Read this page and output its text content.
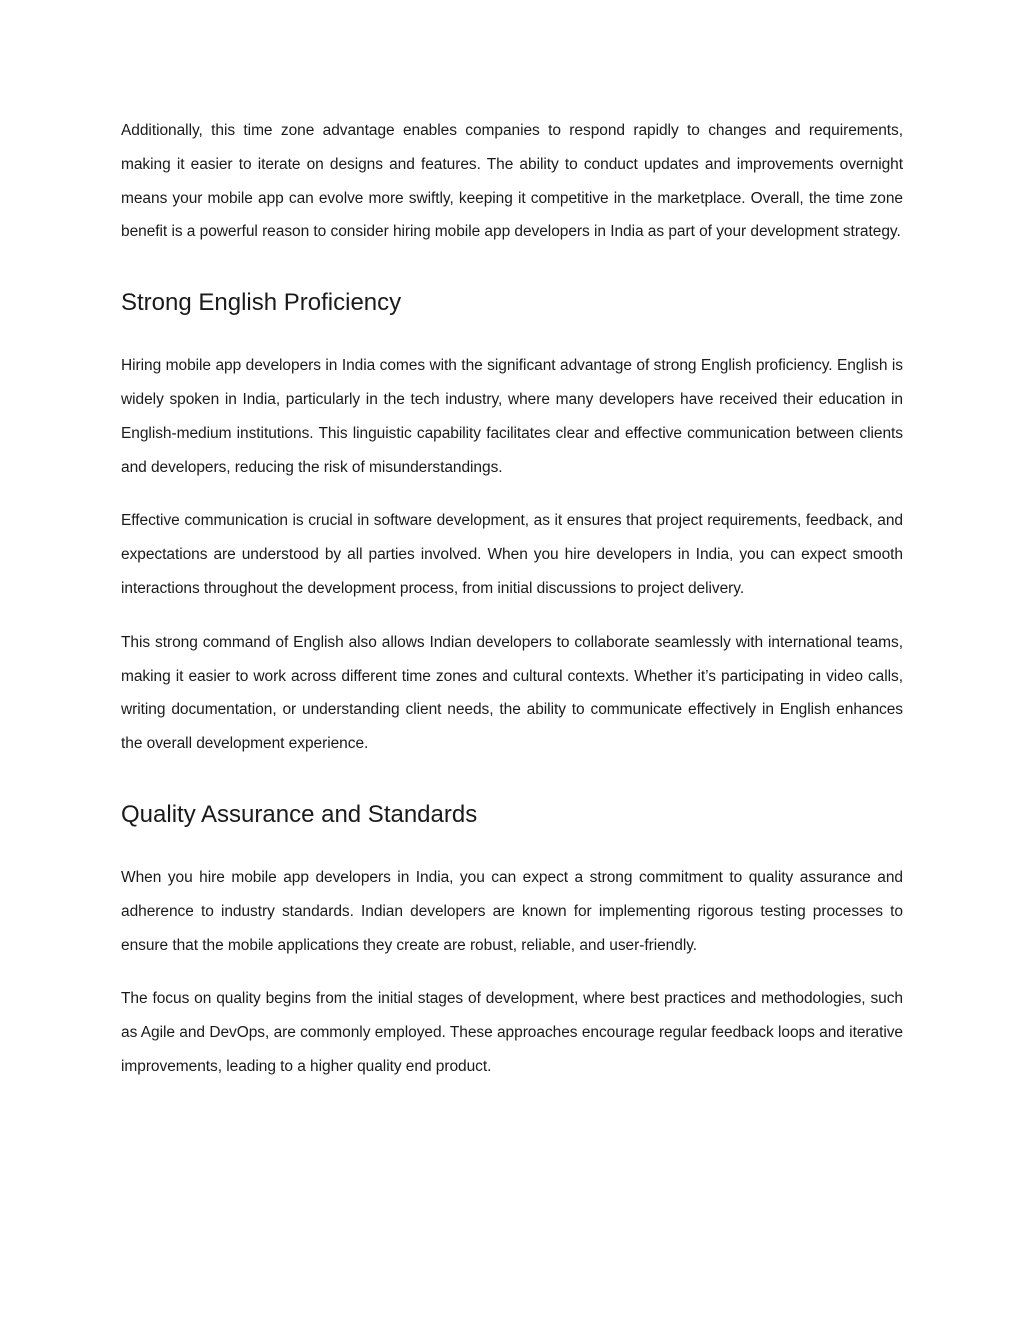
Additionally, this time zone advantage enables companies to respond rapidly to changes and requirements, making it easier to iterate on designs and features. The ability to conduct updates and improvements overnight means your mobile app can evolve more swiftly, keeping it competitive in the marketplace. Overall, the time zone benefit is a powerful reason to consider hiring mobile app developers in India as part of your development strategy.

Strong English Proficiency

Hiring mobile app developers in India comes with the significant advantage of strong English proficiency. English is widely spoken in India, particularly in the tech industry, where many developers have received their education in English-medium institutions. This linguistic capability facilitates clear and effective communication between clients and developers, reducing the risk of misunderstandings.

Effective communication is crucial in software development, as it ensures that project requirements, feedback, and expectations are understood by all parties involved. When you hire developers in India, you can expect smooth interactions throughout the development process, from initial discussions to project delivery.

This strong command of English also allows Indian developers to collaborate seamlessly with international teams, making it easier to work across different time zones and cultural contexts. Whether it’s participating in video calls, writing documentation, or understanding client needs, the ability to communicate effectively in English enhances the overall development experience.

Quality Assurance and Standards

When you hire mobile app developers in India, you can expect a strong commitment to quality assurance and adherence to industry standards. Indian developers are known for implementing rigorous testing processes to ensure that the mobile applications they create are robust, reliable, and user-friendly.

The focus on quality begins from the initial stages of development, where best practices and methodologies, such as Agile and DevOps, are commonly employed. These approaches encourage regular feedback loops and iterative improvements, leading to a higher quality end product.
